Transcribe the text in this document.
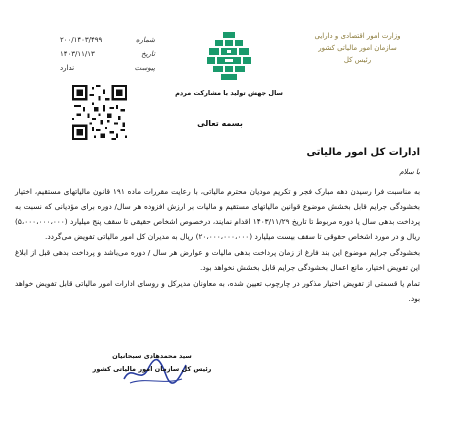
شماره
۲۰۰/۱۴۰۳/۴۹۹
تاریخ
۱۴۰۳/۱۱/۱۳
پیوست
ندارد
سال جهش تولید با مشارکت مردم
وزارت امور اقتصادی و دارایی
سازمان امور مالیاتی کشور
رئیس کل
بسمه تعالی
ادارات کل امور مالیاتی
با سلام

به مناسبت فرا رسیدن دهه مبارک فجر و تکریم مودیان محترم مالیاتی، با رعایت مقررات ماده ۱۹۱ قانون مالیاتهای مستقیم، اختیار بخشودگی جرایم قابل بخشش موضوع قوانین مالیاتهای مستقیم و مالیات بر ارزش افزوده هر سال/ دوره برای مؤدیانی که نسبت به پرداخت بدهی سال یا دوره مربوط تا تاریخ ۱۴۰۳/۱۱/۲۹ اقدام نمایند، درخصوص اشخاص حقیقی تا سقف پنج میلیارد (۵،۰۰۰،۰۰۰،۰۰۰) ریال و در مورد اشخاص حقوقی تا سقف بیست میلیارد (۲۰،۰۰۰،۰۰۰،۰۰۰) ریال به مدیران کل امور مالیاتی تفویض می‌گردد.

بخشودگی جرایم موضوع این بند فارغ از زمان پرداخت بدهی مالیات و عوارض هر سال / دوره می‌باشد و پرداخت بدهی قبل از ابلاغ این تفویض اختیار، مانع اعمال بخشودگی جرایم قابل بخشش نخواهد بود.

تمام یا قسمتی از تفویض اختیار مذکور در چارچوب تعیین شده، به معاونان مدیرکل و روسای ادارات امور مالیاتی قابل تفویض خواهد بود.

سید محمدهادی سبحانیان
رئیس کل سازمان امور مالیاتی کشور
